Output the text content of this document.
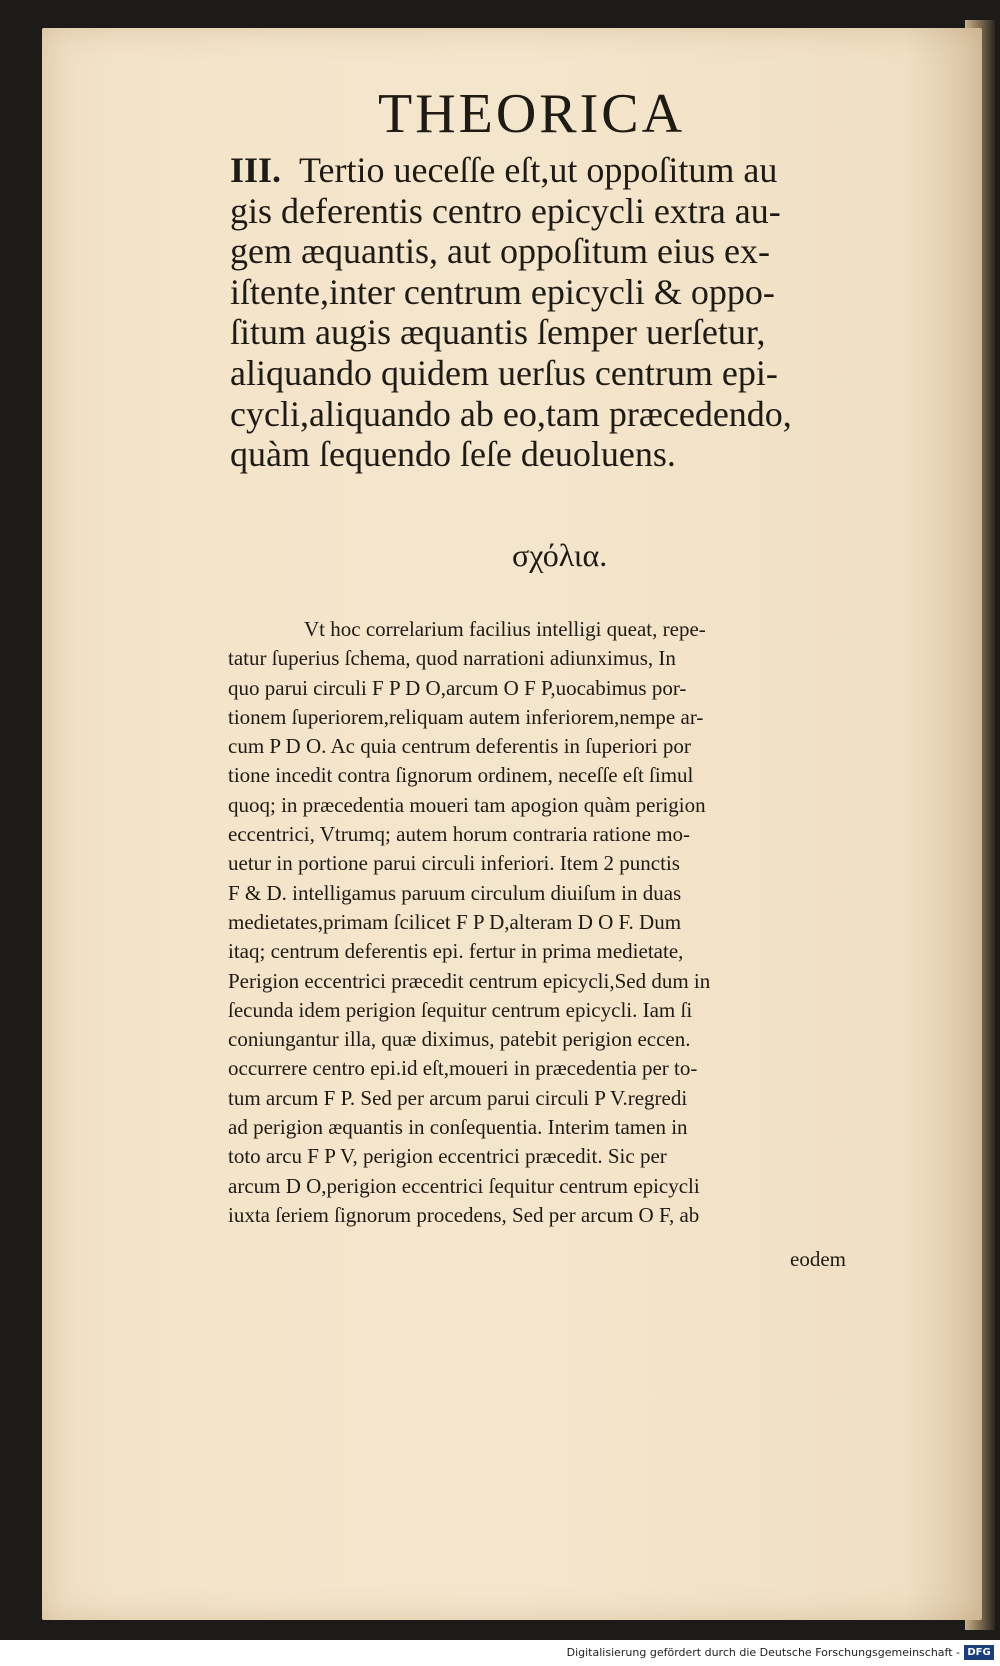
THEORICA
III. Tertio ueceſſe eſt,ut oppoſitum au
gis deferentis centro epicycli extra au-
gem æquantis, aut oppoſitum eius ex-
iſtente,inter centrum epicycli & oppo-
ſitum augis æquantis ſemper uerſetur,
aliquando quidem uerſus centrum epi-
cycli,aliquando ab eo,tam præcedendo,
quàm ſequendo ſeſe deuoluens.
σχόλια.
Vt hoc correlarium facilius intelligi queat, repe-
tatur ſuperius ſchema, quod narrationi adiunximus, In
quo parui circuli F P D O,arcum O F P,uocabimus por-
tionem ſuperiorem,reliquam autem inferiorem,nempe ar-
cum P D O. Ac quia centrum deferentis in ſuperiori por
tione incedit contra ſignorum ordinem, neceſſe eſt ſimul
quoq; in præcedentia moueri tam apogion quàm perigion
eccentrici, Vtrumq; autem horum contraria ratione mo-
uetur in portione parui circuli inferiori. Item 2 punctis
F & D. intelligamus paruum circulum diuiſum in duas
medietates,primam ſcilicet F P D,alteram D O F. Dum
itaq; centrum deferentis epi. fertur in prima medietate,
Perigion eccentrici præcedit centrum epicycli,Sed dum in
ſecunda idem perigion ſequitur centrum epicycli. Iam ſi
coniungantur illa, quæ diximus, patebit perigion eccen.
occurrere centro epi.id eſt,moueri in præcedentia per to-
tum arcum F P. Sed per arcum parui circuli P V.regredi
ad perigion æquantis in conſequentia. Interim tamen in
toto arcu F P V, perigion eccentrici præcedit. Sic per
arcum D O,perigion eccentrici ſequitur centrum epicycli
iuxta ſeriem ſignorum procedens, Sed per arcum O F, ab
eodem
Digitalisierung gefördert durch die Deutsche Forschungsgemeinschaft - DFG
